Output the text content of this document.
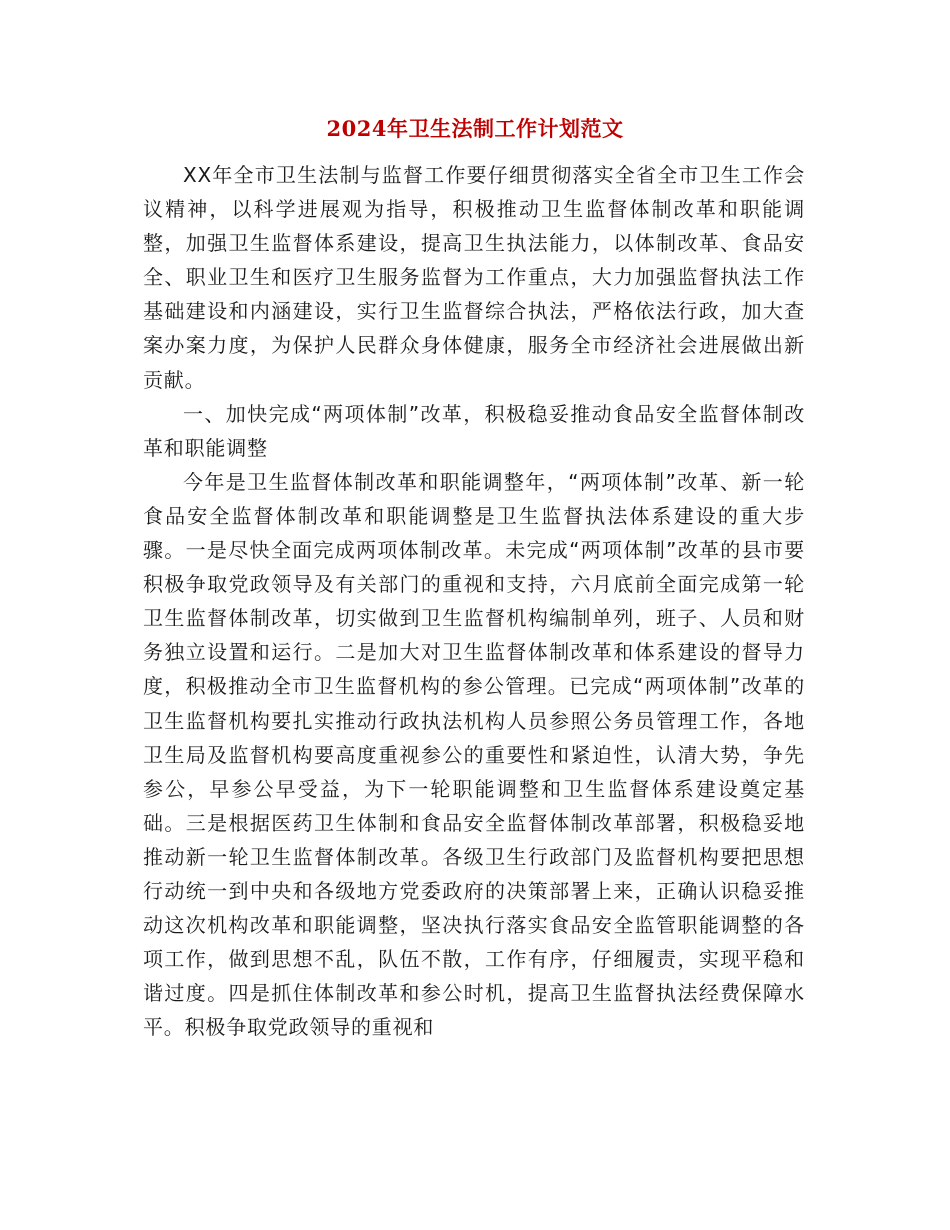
2024年卫生法制工作计划范文

XX年全市卫生法制与监督工作要仔细贯彻落实全省全市卫生工作会议精神，以科学进展观为指导，积极推动卫生监督体制改革和职能调整，加强卫生监督体系建设，提高卫生执法能力，以体制改革、食品安全、职业卫生和医疗卫生服务监督为工作重点，大力加强监督执法工作基础建设和内涵建设，实行卫生监督综合执法，严格依法行政，加大查案办案力度，为保护人民群众身体健康，服务全市经济社会进展做出新贡献。

一、加快完成“两项体制”改革，积极稳妥推动食品安全监督体制改革和职能调整

今年是卫生监督体制改革和职能调整年，“两项体制”改革、新一轮食品安全监督体制改革和职能调整是卫生监督执法体系建设的重大步骤。一是尽快全面完成两项体制改革。未完成“两项体制”改革的县市要积极争取党政领导及有关部门的重视和支持，六月底前全面完成第一轮卫生监督体制改革，切实做到卫生监督机构编制单列，班子、人员和财务独立设置和运行。二是加大对卫生监督体制改革和体系建设的督导力度，积极推动全市卫生监督机构的参公管理。已完成“两项体制”改革的卫生监督机构要扎实推动行政执法机构人员参照公务员管理工作，各地卫生局及监督机构要高度重视参公的重要性和紧迫性，认清大势，争先参公，早参公早受益，为下一轮职能调整和卫生监督体系建设奠定基础。三是根据医药卫生体制和食品安全监督体制改革部署，积极稳妥地推动新一轮卫生监督体制改革。各级卫生行政部门及监督机构要把思想行动统一到中央和各级地方党委政府的决策部署上来，正确认识稳妥推动这次机构改革和职能调整，坚决执行落实食品安全监管职能调整的各项工作，做到思想不乱，队伍不散，工作有序，仔细履责，实现平稳和谐过度。四是抓住体制改革和参公时机，提高卫生监督执法经费保障水平。积极争取党政领导的重视和
